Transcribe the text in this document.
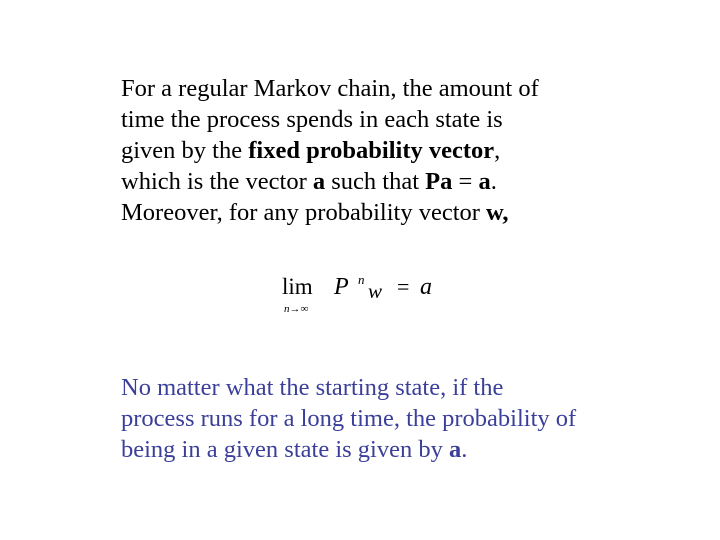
For a regular Markov chain, the amount of
time the process spends in each state is
given by the fixed probability vector,
which is the vector a such that Pa = a.
Moreover, for any probability vector w,
lim
n→∞
P n w = a
No matter what the starting state, if the
process runs for a long time, the probability of
being in a given state is given by a.
